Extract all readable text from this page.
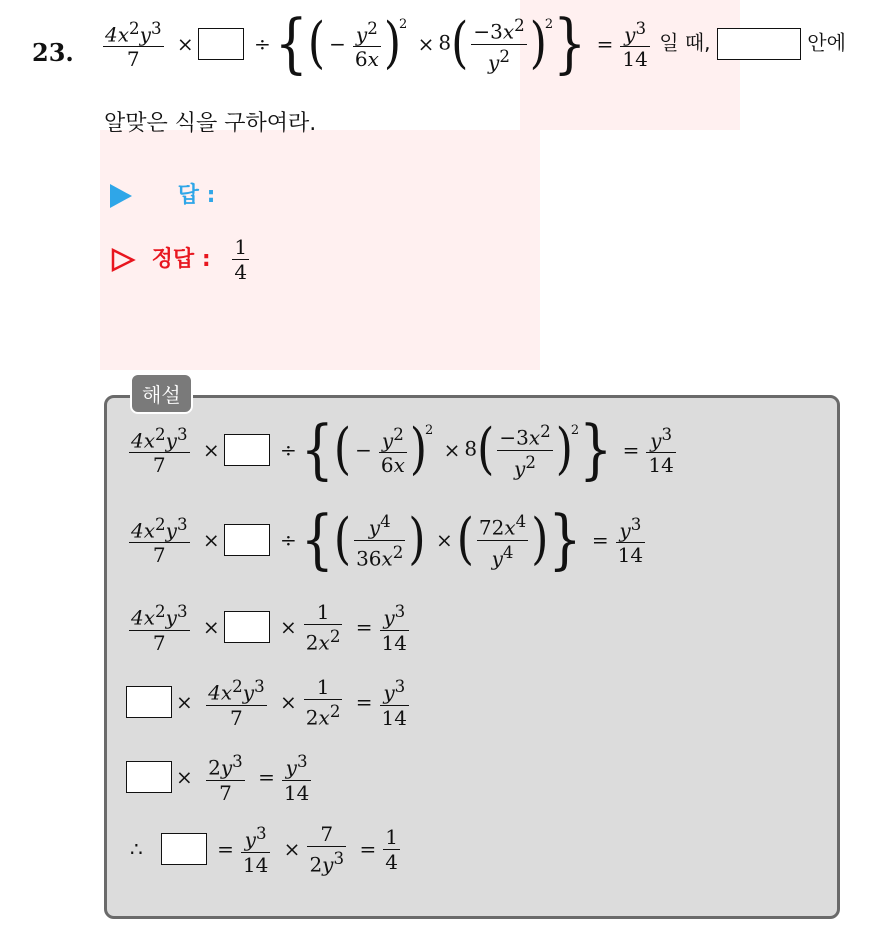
23. $\frac{4x^2y^3}{7}$ ×	÷{( − $\frac{y^2}{6x} )^2 \times 8( \frac{-3x^2}{y^2} )^2\} = \frac{y^3}{14}$ 일 때,	안에
알맞은 식을 구하여라.
답 :
정답 : $\frac{1}{4}$
해설
$\frac{4x^2y^3}{7}$ ×	÷{( − $\frac{y^2}{6x} )^2 \times 8( \frac{-3x^2}{y^2} )^2\} = \frac{y^3}{14}$
$\frac{4x^2y^3}{7}$ ×	÷{( $\frac{y^4}{36x^2}$ ) ×( $\frac{72x^4}{y^4}$ )} = $\frac{y^3}{14}$
$\frac{4x^2y^3}{7}$ ×	× $\frac{1}{2x^2} = \frac{y^3}{14}$
× $\frac{4x^2y^3}{7} \times \frac{1}{2x^2} = \frac{y^3}{14}$
× $\frac{2y^3}{7} = \frac{y^3}{14}$
∴	= $\frac{y^3}{14} \times \frac{7}{2y^3} = \frac{1}{4}$
